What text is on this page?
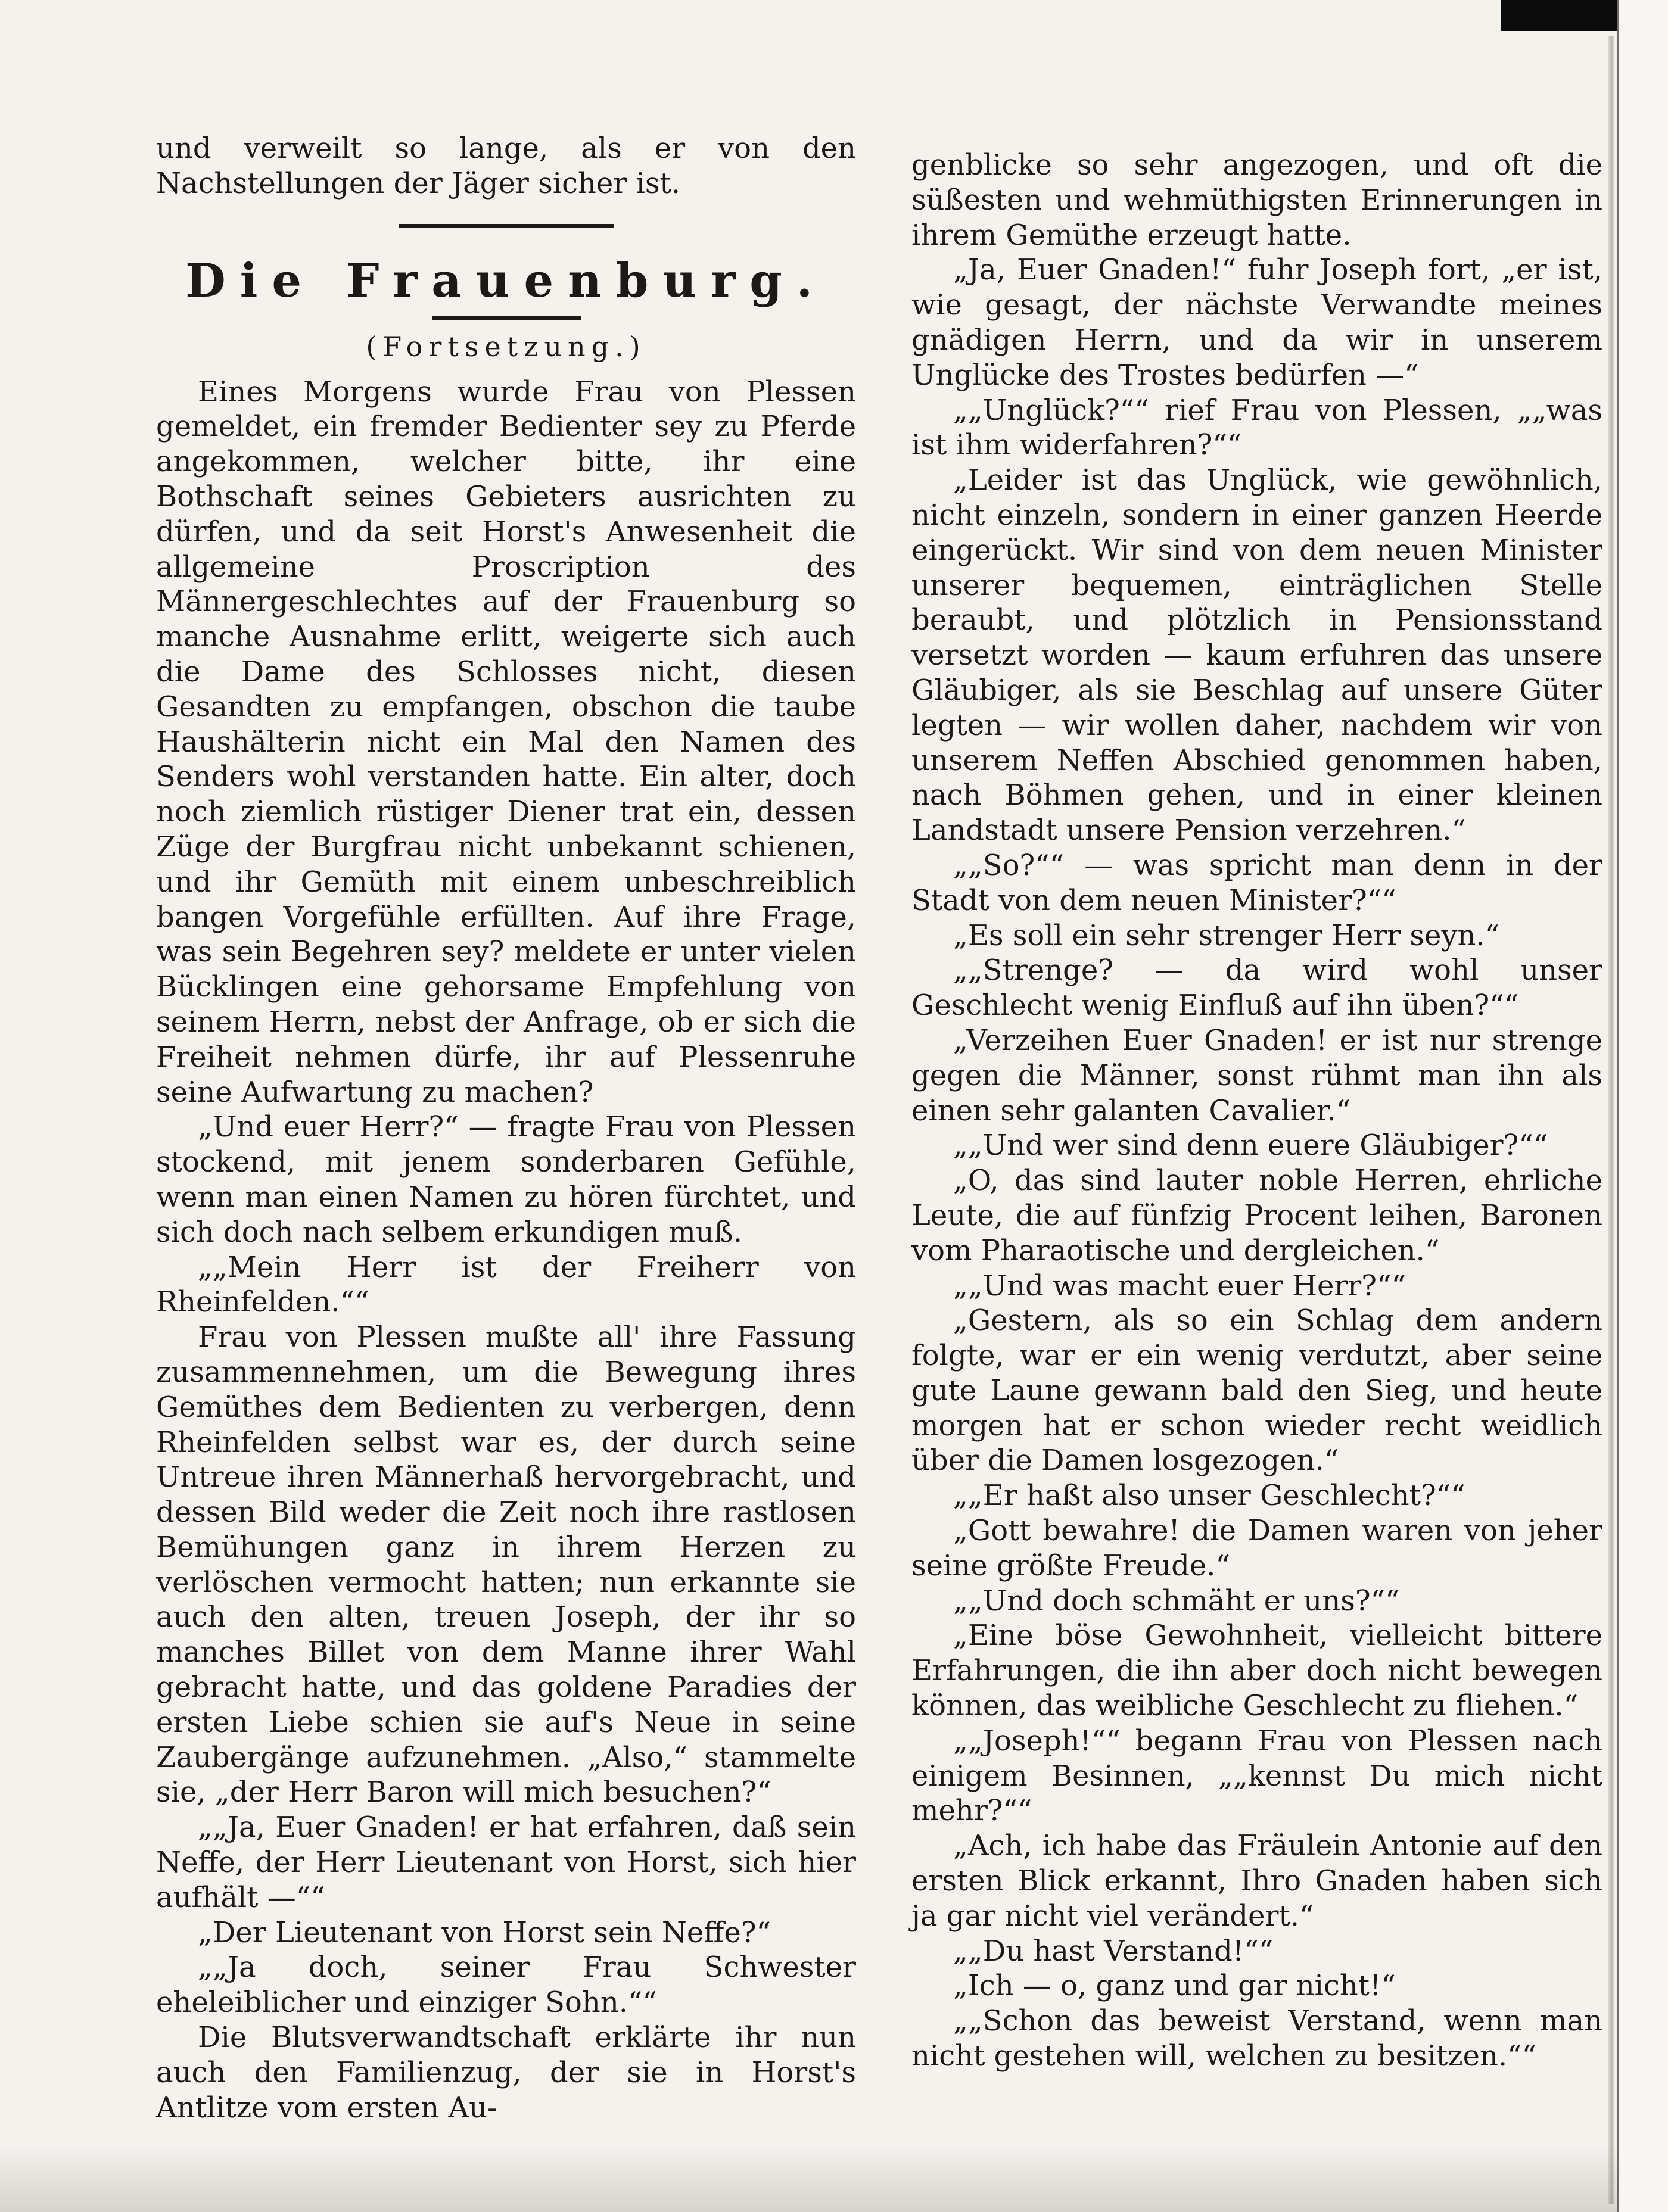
und verweilt so lange, als er von den Nachstellungen der Jäger sicher ist.

Die Frauenburg.
(Fortsetzung.)

Eines Morgens wurde Frau von Plessen gemeldet, ein fremder Bedienter sey zu Pferde angekommen, welcher bitte, ihr eine Bothschaft seines Gebieters ausrichten zu dürfen, und da seit Horst's Anwesenheit die allgemeine Proscription des Männergeschlechtes auf der Frauenburg so manche Ausnahme erlitt, weigerte sich auch die Dame des Schlosses nicht, diesen Gesandten zu empfangen, obschon die taube Haushälterin nicht ein Mal den Namen des Senders wohl verstanden hatte. Ein alter, doch noch ziemlich rüstiger Diener trat ein, dessen Züge der Burgfrau nicht unbekannt schienen, und ihr Gemüth mit einem unbeschreiblich bangen Vorgefühle erfüllten. Auf ihre Frage, was sein Begehren sey? meldete er unter vielen Bücklingen eine gehorsame Empfehlung von seinem Herrn, nebst der Anfrage, ob er sich die Freiheit nehmen dürfe, ihr auf Plessenruhe seine Aufwartung zu machen?

„Und euer Herr?“ — fragte Frau von Plessen stockend, mit jenem sonderbaren Gefühle, wenn man einen Namen zu hören fürchtet, und sich doch nach selbem erkundigen muß.

„„Mein Herr ist der Freiherr von Rheinfelden.““

Frau von Plessen mußte all' ihre Fassung zusammennehmen, um die Bewegung ihres Gemüthes dem Bedienten zu verbergen, denn Rheinfelden selbst war es, der durch seine Untreue ihren Männerhaß hervorgebracht, und dessen Bild weder die Zeit noch ihre rastlosen Bemühungen ganz in ihrem Herzen zu verlöschen vermocht hatten; nun erkannte sie auch den alten, treuen Joseph, der ihr so manches Billet von dem Manne ihrer Wahl gebracht hatte, und das goldene Paradies der ersten Liebe schien sie auf's Neue in seine Zaubergänge aufzunehmen. „Also,“ stammelte sie, „der Herr Baron will mich besuchen?“

„„Ja, Euer Gnaden! er hat erfahren, daß sein Neffe, der Herr Lieutenant von Horst, sich hier aufhält —““

„Der Lieutenant von Horst sein Neffe?“

„„Ja doch, seiner Frau Schwester eheleiblicher und einziger Sohn.““

Die Blutsverwandtschaft erklärte ihr nun auch den Familienzug, der sie in Horst's Antlitze vom ersten Au-

genblicke so sehr angezogen, und oft die süßesten und wehmüthigsten Erinnerungen in ihrem Gemüthe erzeugt hatte.

„Ja, Euer Gnaden!“ fuhr Joseph fort, „er ist, wie gesagt, der nächste Verwandte meines gnädigen Herrn, und da wir in unserem Unglücke des Trostes bedürfen —“

„„Unglück?““ rief Frau von Plessen, „„was ist ihm widerfahren?““

„Leider ist das Unglück, wie gewöhnlich, nicht einzeln, sondern in einer ganzen Heerde eingerückt. Wir sind von dem neuen Minister unserer bequemen, einträglichen Stelle beraubt, und plötzlich in Pensionsstand versetzt worden — kaum erfuhren das unsere Gläubiger, als sie Beschlag auf unsere Güter legten — wir wollen daher, nachdem wir von unserem Neffen Abschied genommen haben, nach Böhmen gehen, und in einer kleinen Landstadt unsere Pension verzehren.“

„„So?““ — was spricht man denn in der Stadt von dem neuen Minister?““

„Es soll ein sehr strenger Herr seyn.“

„„Strenge? — da wird wohl unser Geschlecht wenig Einfluß auf ihn üben?““

„Verzeihen Euer Gnaden! er ist nur strenge gegen die Männer, sonst rühmt man ihn als einen sehr galanten Cavalier.“

„„Und wer sind denn euere Gläubiger?““

„O, das sind lauter noble Herren, ehrliche Leute, die auf fünfzig Procent leihen, Baronen vom Pharaotische und dergleichen.“

„„Und was macht euer Herr?““

„Gestern, als so ein Schlag dem andern folgte, war er ein wenig verdutzt, aber seine gute Laune gewann bald den Sieg, und heute morgen hat er schon wieder recht weidlich über die Damen losgezogen.“

„„Er haßt also unser Geschlecht?““

„Gott bewahre! die Damen waren von jeher seine größte Freude.“

„„Und doch schmäht er uns?““

„Eine böse Gewohnheit, vielleicht bittere Erfahrungen, die ihn aber doch nicht bewegen können, das weibliche Geschlecht zu fliehen.“

„„Joseph!““ begann Frau von Plessen nach einigem Besinnen, „„kennst Du mich nicht mehr?““

„Ach, ich habe das Fräulein Antonie auf den ersten Blick erkannt, Ihro Gnaden haben sich ja gar nicht viel verändert.“

„„Du hast Verstand!““

„Ich — o, ganz und gar nicht!“

„„Schon das beweist Verstand, wenn man nicht gestehen will, welchen zu besitzen.““
